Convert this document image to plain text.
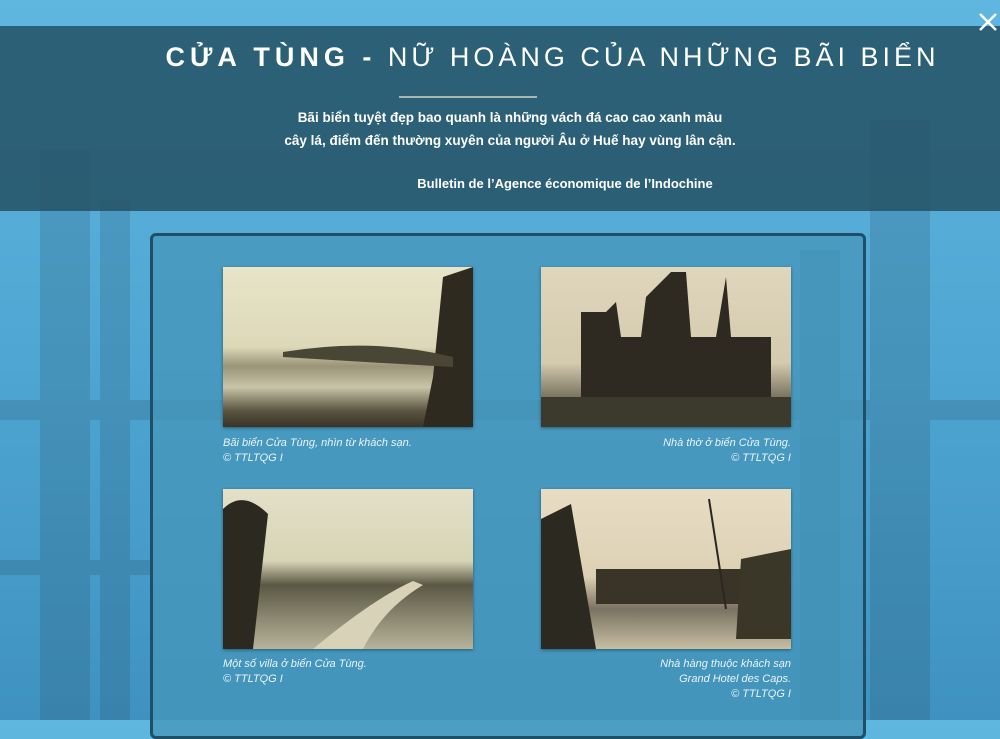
CỬA TÙNG - NỮ HOÀNG CỦA NHỮNG BÃI BIỂN
Bãi biển tuyệt đẹp bao quanh là những vách đá cao cao xanh màu
cây lá, điểm đến thường xuyên của người Âu ở Huế hay vùng lân cận.
Bulletin de l’Agence économique de l’Indochine
Bãi biển Cửa Tùng, nhìn từ khách sạn.
© TTLTQG I
Nhà thờ ở biển Cửa Tùng.
© TTLTQG I
Một số villa ở biển Cửa Tùng.
© TTLTQG I
Nhà hàng thuộc khách sạn
Grand Hotel des Caps.
© TTLTQG I
